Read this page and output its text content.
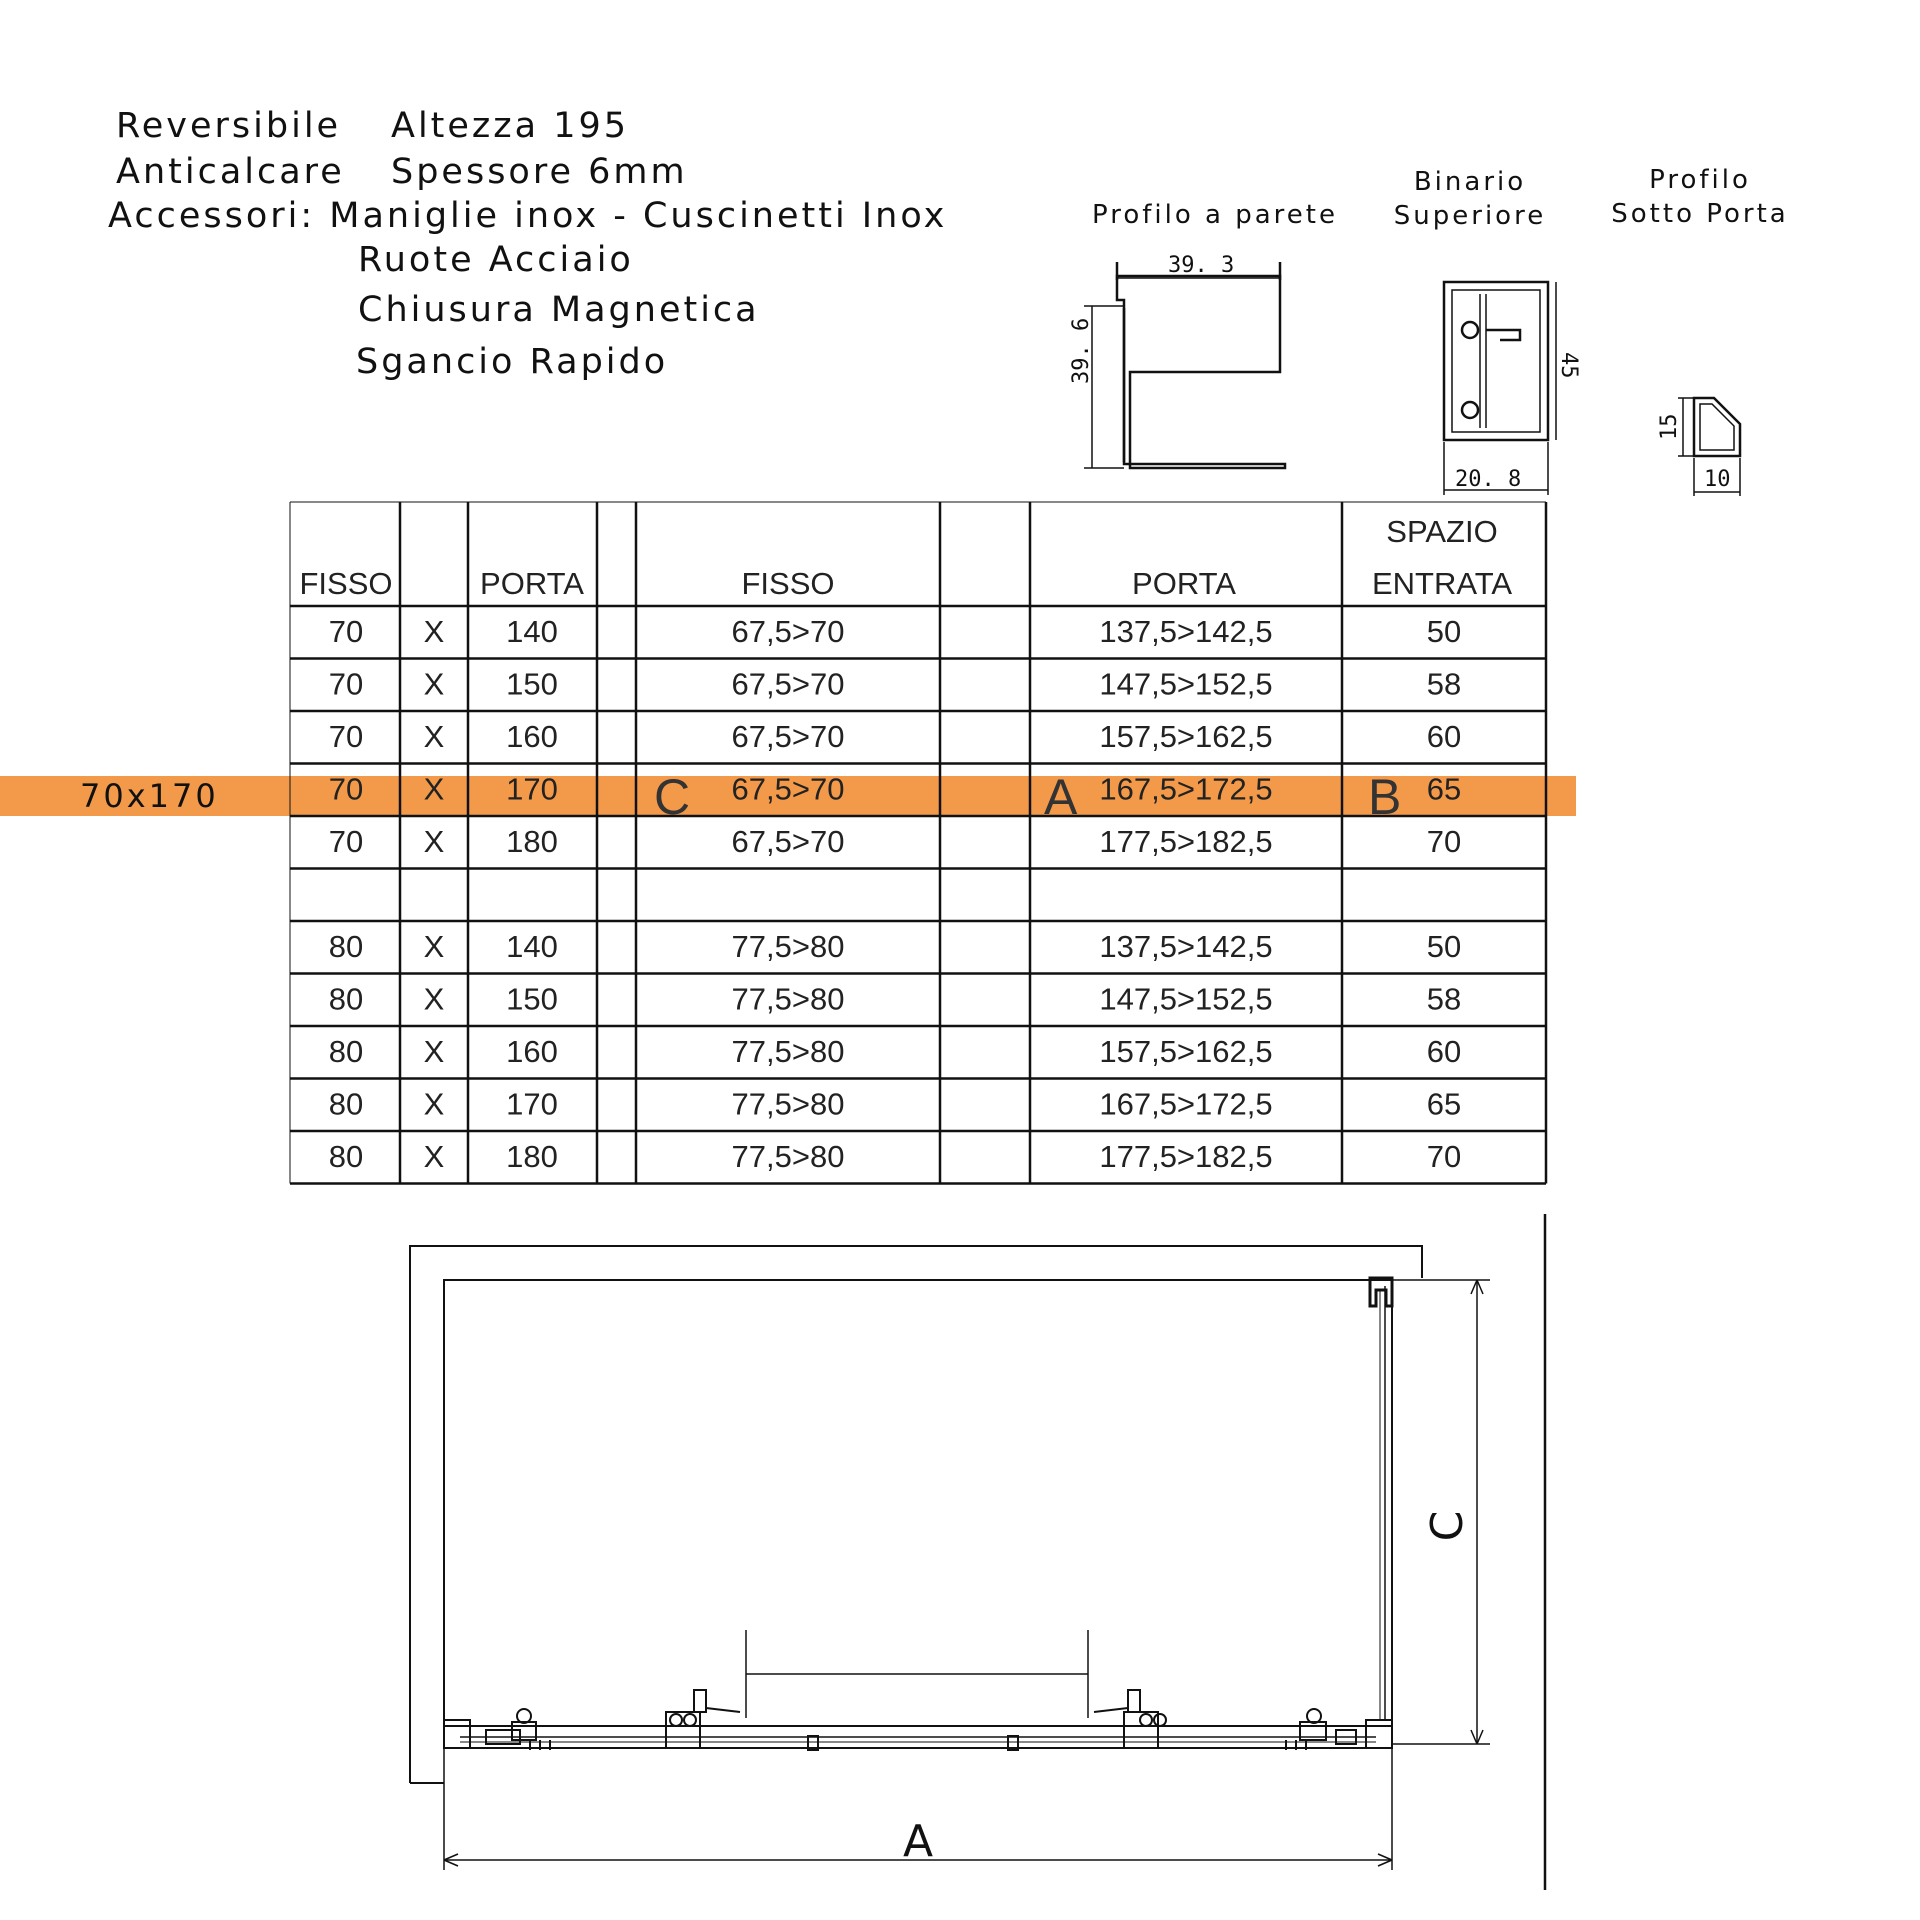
Reversibile Altezza 195

Anticalcare Spessore 6mm

Accessori: Maniglie inox - Cuscinetti Inox

Ruote Acciaio

Chiusura Magnetica

Sgancio Rapido

Profilo a parete
Binario
Superiore
Profilo
Sotto Porta
39. 3
39. 6	45
20. 8
15
10
70x170
FISSO	PORTA	FISSO	PORTA
SPAZIO
ENTRATA
70 X 140	67,5>70	137,5>142,5	50
70 X 150	67,5>70	147,5>152,5	58
70 X 160	67,5>70	157,5>162,5	60
70 X 170	67,5>70	167,5>172,5	65
70 X 180	67,5>70	177,5>182,5	70
80 X 140	77,5>80	137,5>142,5	50
80 X 150	77,5>80	147,5>152,5	58
80 X 160	77,5>80	157,5>162,5	60
80 X 170	77,5>80	167,5>172,5	65
80 X 180	77,5>80	177,5>182,5	70
C	A	B
A
C
